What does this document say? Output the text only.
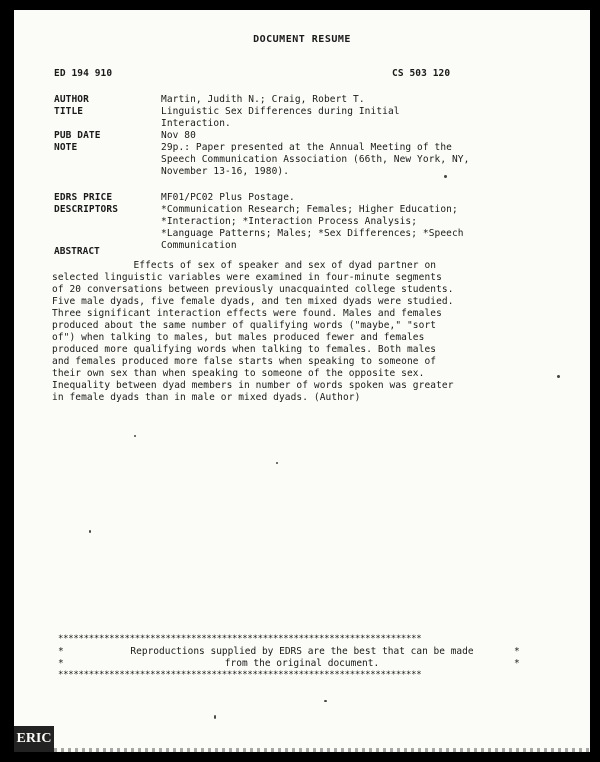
DOCUMENT RESUME
ED 194 910	CS 503 120
AUTHOR	Martin, Judith N.; Craig, Robert T.
TITLE	Linguistic Sex Differences during Initial
Interaction.
PUB DATE	Nov 80
NOTE	29p.: Paper presented at the Annual Meeting of the
Speech Communication Association (66th, New York, NY,
November 13-16, 1980).
EDRS PRICE	MF01/PC02 Plus Postage.
DESCRIPTORS	*Communication Research; Females; Higher Education;
*Interaction; *Interaction Process Analysis;
*Language Patterns; Males; *Sex Differences; *Speech
Communication
ABSTRACT
Effects of sex of speaker and sex of dyad partner on
selected linguistic variables were examined in four-minute segments
of 20 conversations between previously unacquainted college students.
Five male dyads, five female dyads, and ten mixed dyads were studied.
Three significant interaction effects were found. Males and females
produced about the same number of qualifying words ("maybe," "sort
of") when talking to males, but males produced fewer and females
produced more qualifying words when talking to females. Both males
and females produced more false starts when speaking to someone of
their own sex than when speaking to someone of the opposite sex.
Inequality between dyad members in number of words spoken was greater
in female dyads than in male or mixed dyads. (Author)
***********************************************************************
*	Reproductions supplied by EDRS are the best that can be made	*
*	from the original document.	*
***********************************************************************
ERIC
